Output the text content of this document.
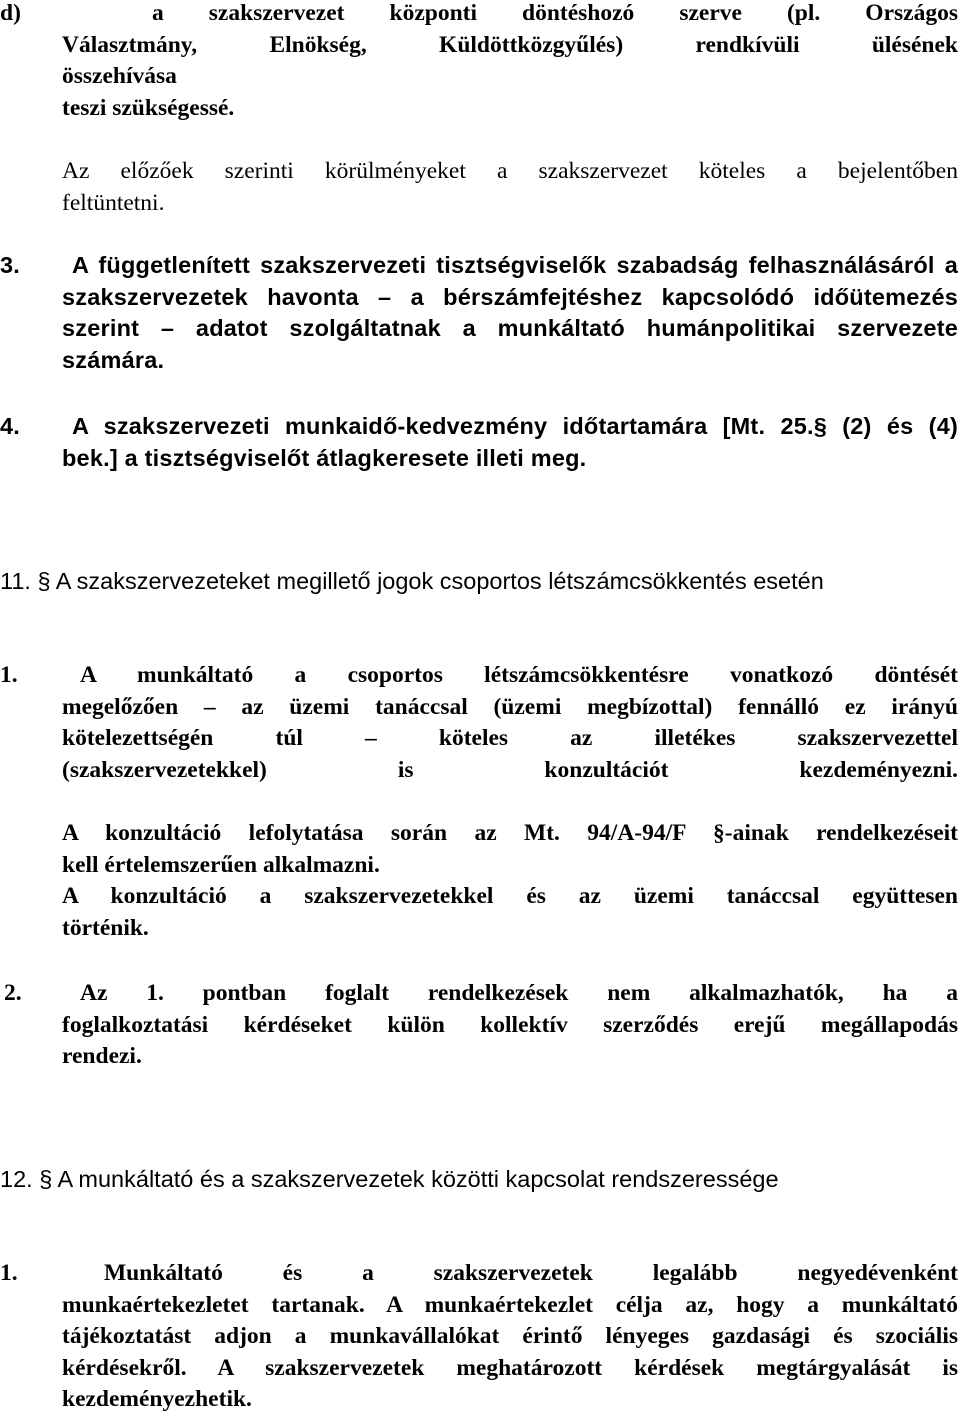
d)	a szakszervezet központi döntéshozó szerve (pl. Országos
Választmány, Elnökség, Küldöttközgyűlés) rendkívüli ülésének
összehívása
teszi szükségessé.
Az előzőek szerinti körülményeket a szakszervezet köteles a bejelentőben
feltüntetni.
3.	A függetlenített szakszervezeti tisztségviselők szabadság felhasználásáról a
szakszervezetek havonta – a bérszámfejtéshez kapcsolódó időütemezés
szerint – adatot szolgáltatnak a munkáltató humánpolitikai szervezete
számára.
4.	A szakszervezeti munkaidő-kedvezmény időtartamára [Mt. 25.§ (2) és (4)
bek.] a tisztségviselőt átlagkeresete illeti meg.
11. § A szakszervezeteket megillető jogok csoportos létszámcsökkentés esetén
1.	A munkáltató a csoportos létszámcsökkentésre vonatkozó döntését
megelőzően – az üzemi tanáccsal (üzemi megbízottal) fennálló ez irányú
kötelezettségén túl – köteles az illetékes szakszervezettel
(szakszervezetekkel) is konzultációt kezdeményezni.
A konzultáció lefolytatása során az Mt. 94/A-94/F §-ainak rendelkezéseit
kell értelemszerűen alkalmazni.
A konzultáció a szakszervezetekkel és az üzemi tanáccsal együttesen
történik.
2.	Az 1. pontban foglalt rendelkezések nem alkalmazhatók, ha a
foglalkoztatási kérdéseket külön kollektív szerződés erejű megállapodás
rendezi.
12. § A munkáltató és a szakszervezetek közötti kapcsolat rendszeressége
1.	Munkáltató és a szakszervezetek legalább negyedévenként
munkaértekezletet tartanak. A munkaértekezlet célja az, hogy a munkáltató
tájékoztatást adjon a munkavállalókat érintő lényeges gazdasági és szociális
kérdésekről. A szakszervezetek meghatározott kérdések megtárgyalását is
kezdeményezhetik.
